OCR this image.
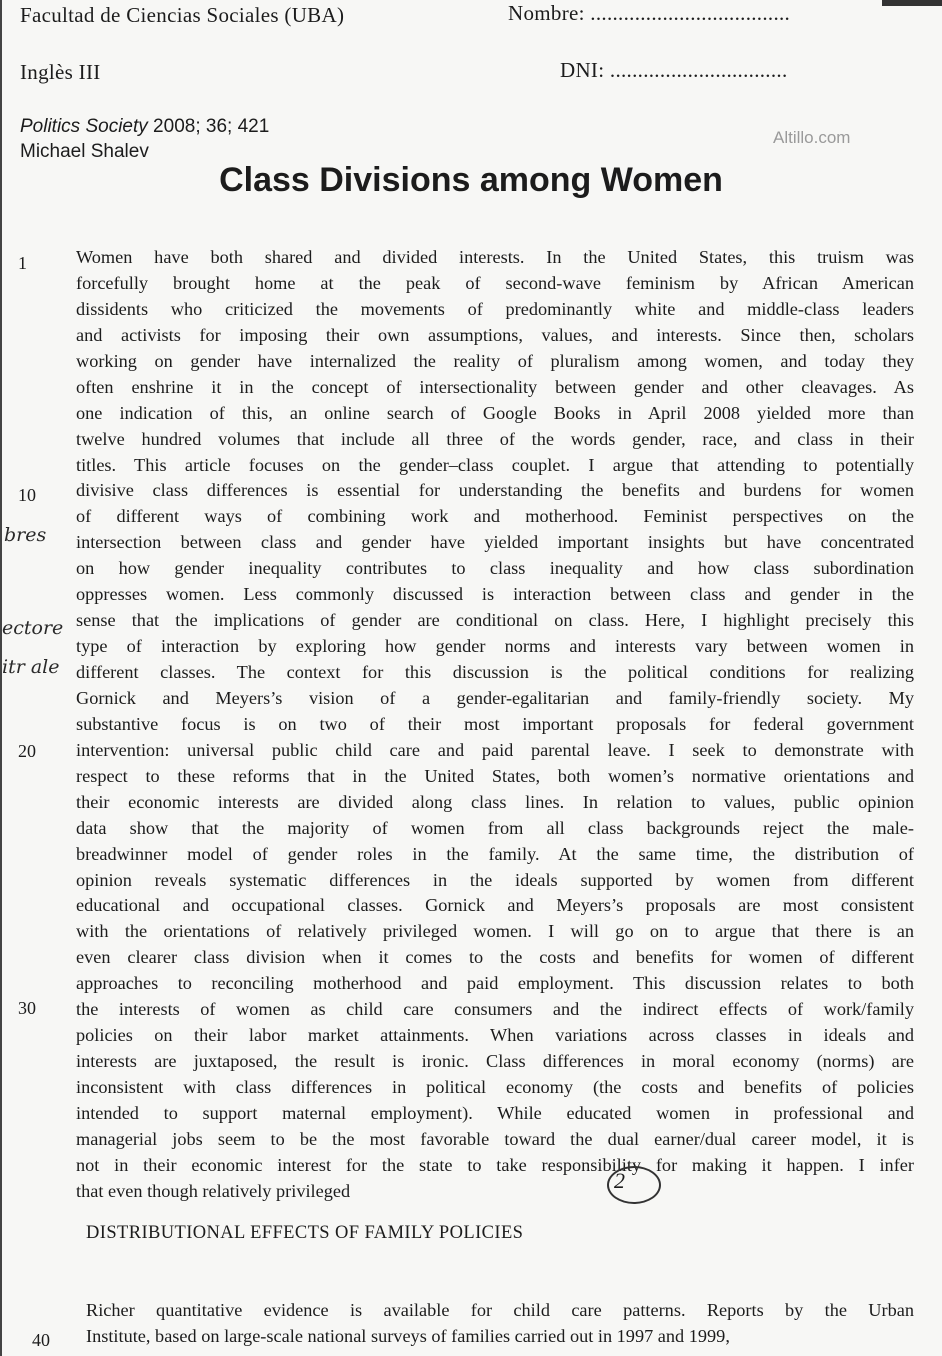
Facultad de Ciencias Sociales (UBA)	Nombre: ....................................
Inglès III	DNI: ................................
Politics Society 2008; 36; 421
Michael Shalev
Altillo.com
Class Divisions among Women
1
10
20
30
40
Women have both shared and divided interests. In the United States, this truism was
forcefully brought home at the peak of second-wave feminism by African American
dissidents who criticized the movements of predominantly white and middle-class leaders
and activists for imposing their own assumptions, values, and interests. Since then, scholars
working on gender have internalized the reality of pluralism among women, and today they
often enshrine it in the concept of intersectionality between gender and other cleavages. As
one indication of this, an online search of Google Books in April 2008 yielded more than
twelve hundred volumes that include all three of the words gender, race, and class in their
titles. This article focuses on the gender–class couplet. I argue that attending to potentially
divisive class differences is essential for understanding the benefits and burdens for women
of different ways of combining work and motherhood. Feminist perspectives on the
intersection between class and gender have yielded important insights but have concentrated
on how gender inequality contributes to class inequality and how class subordination
oppresses women. Less commonly discussed is interaction between class and gender in the
sense that the implications of gender are conditional on class. Here, I highlight precisely this
type of interaction by exploring how gender norms and interests vary between women in
different classes. The context for this discussion is the political conditions for realizing
Gornick and Meyers’s vision of a gender-egalitarian and family-friendly society. My
substantive focus is on two of their most important proposals for federal government
intervention: universal public child care and paid parental leave. I seek to demonstrate with
respect to these reforms that in the United States, both women’s normative orientations and
their economic interests are divided along class lines. In relation to values, public opinion
data show that the majority of women from all class backgrounds reject the male-
breadwinner model of gender roles in the family. At the same time, the distribution of
opinion reveals systematic differences in the ideals supported by women from different
educational and occupational classes. Gornick and Meyers’s proposals are most consistent
with the orientations of relatively privileged women. I will go on to argue that there is an
even clearer class division when it comes to the costs and benefits for women of different
approaches to reconciling motherhood and paid employment. This discussion relates to both
the interests of women as child care consumers and the indirect effects of work/family
policies on their labor market attainments. When variations across classes in ideals and
interests are juxtaposed, the result is ironic. Class differences in moral economy (norms) are
inconsistent with class differences in political economy (the costs and benefits of policies
intended to support maternal employment). While educated women in professional and
managerial jobs seem to be the most favorable toward the dual earner/dual career model, it is
not in their economic interest for the state to take responsibility for making it happen. I infer
that even though relatively privileged
bres
ectore
itr ale
2
DISTRIBUTIONAL EFFECTS OF FAMILY POLICIES
Richer quantitative evidence is available for child care patterns. Reports by the Urban
Institute, based on large-scale national surveys of families carried out in 1997 and 1999,
